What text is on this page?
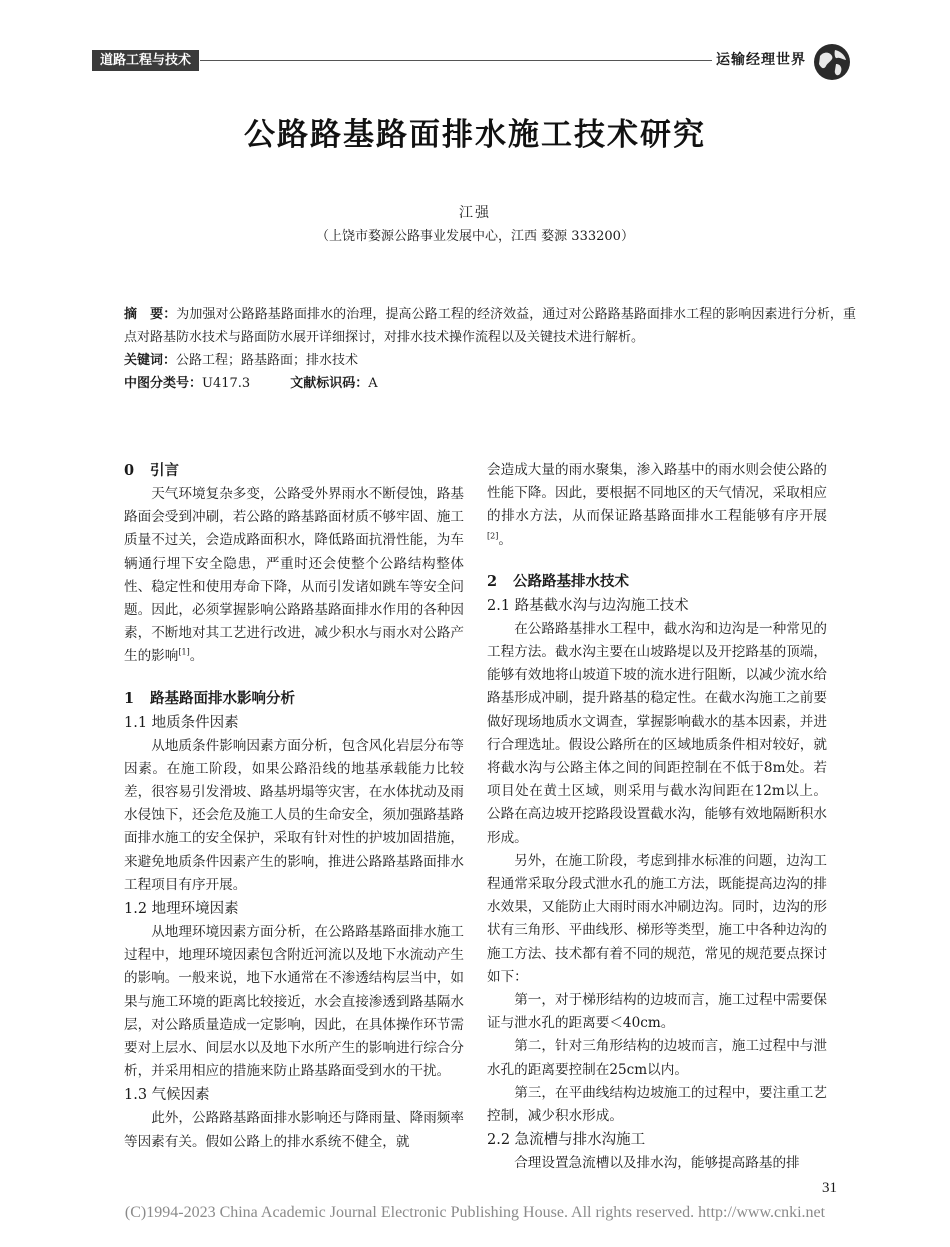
道路工程与技术	运输经理世界
公路路基路面排水施工技术研究
江强
（上饶市婺源公路事业发展中心，江西 婺源 333200）

摘　要：为加强对公路路基路面排水的治理，提高公路工程的经济效益，通过对公路路基路面排水工程的影响因素进行分析，重点对路基防水技术与路面防水展开详细探讨，对排水技术操作流程以及关键技术进行解析。

关键词：公路工程；路基路面；排水技术

中图分类号：U417.3	文献标识码：A

0 引言

天气环境复杂多变，公路受外界雨水不断侵蚀，路基路面会受到冲刷，若公路的路基路面材质不够牢固、施工质量不过关，会造成路面积水，降低路面抗滑性能，为车辆通行埋下安全隐患，严重时还会使整个公路结构整体性、稳定性和使用寿命下降，从而引发诸如跳车等安全问题。因此，必须掌握影响公路路基路面排水作用的各种因素，不断地对其工艺进行改进，减少积水与雨水对公路产生的影响[1]。

1 路基路面排水影响分析
1.1 地质条件因素

从地质条件影响因素方面分析，包含风化岩层分布等因素。在施工阶段，如果公路沿线的地基承载能力比较差，很容易引发滑坡、路基坍塌等灾害，在水体扰动及雨水侵蚀下，还会危及施工人员的生命安全，须加强路基路面排水施工的安全保护，采取有针对性的护坡加固措施，来避免地质条件因素产生的影响，推进公路路基路面排水工程项目有序开展。

1.2 地理环境因素

从地理环境因素方面分析，在公路路基路面排水施工过程中，地理环境因素包含附近河流以及地下水流动产生的影响。一般来说，地下水通常在不渗透结构层当中，如果与施工环境的距离比较接近，水会直接渗透到路基隔水层，对公路质量造成一定影响，因此，在具体操作环节需要对上层水、间层水以及地下水所产生的影响进行综合分析，并采用相应的措施来防止路基路面受到水的干扰。

1.3 气候因素

此外，公路路基路面排水影响还与降雨量、降雨频率等因素有关。假如公路上的排水系统不健全，就

会造成大量的雨水聚集，渗入路基中的雨水则会使公路的性能下降。因此，要根据不同地区的天气情况，采取相应的排水方法，从而保证路基路面排水工程能够有序开展[2]。

2 公路路基排水技术
2.1 路基截水沟与边沟施工技术

在公路路基排水工程中，截水沟和边沟是一种常见的工程方法。截水沟主要在山坡路堤以及开挖路基的顶端，能够有效地将山坡道下坡的流水进行阻断，以减少流水给路基形成冲刷，提升路基的稳定性。在截水沟施工之前要做好现场地质水文调查，掌握影响截水的基本因素，并进行合理选址。假设公路所在的区域地质条件相对较好，就将截水沟与公路主体之间的间距控制在不低于8m处。若项目处在黄土区域，则采用与截水沟间距在12m以上。公路在高边坡开挖路段设置截水沟，能够有效地隔断积水形成。

另外，在施工阶段，考虑到排水标准的问题，边沟工程通常采取分段式泄水孔的施工方法，既能提高边沟的排水效果，又能防止大雨时雨水冲刷边沟。同时，边沟的形状有三角形、平曲线形、梯形等类型，施工中各种边沟的施工方法、技术都有着不同的规范，常见的规范要点探讨如下：

第一，对于梯形结构的边坡而言，施工过程中需要保证与泄水孔的距离要＜40cm。

第二，针对三角形结构的边坡而言，施工过程中与泄水孔的距离要控制在25cm以内。

第三，在平曲线结构边坡施工的过程中，要注重工艺控制，减少积水形成。

2.2 急流槽与排水沟施工

合理设置急流槽以及排水沟，能够提高路基的排

31
(C)1994-2023 China Academic Journal Electronic Publishing House. All rights reserved. http://www.cnki.net
